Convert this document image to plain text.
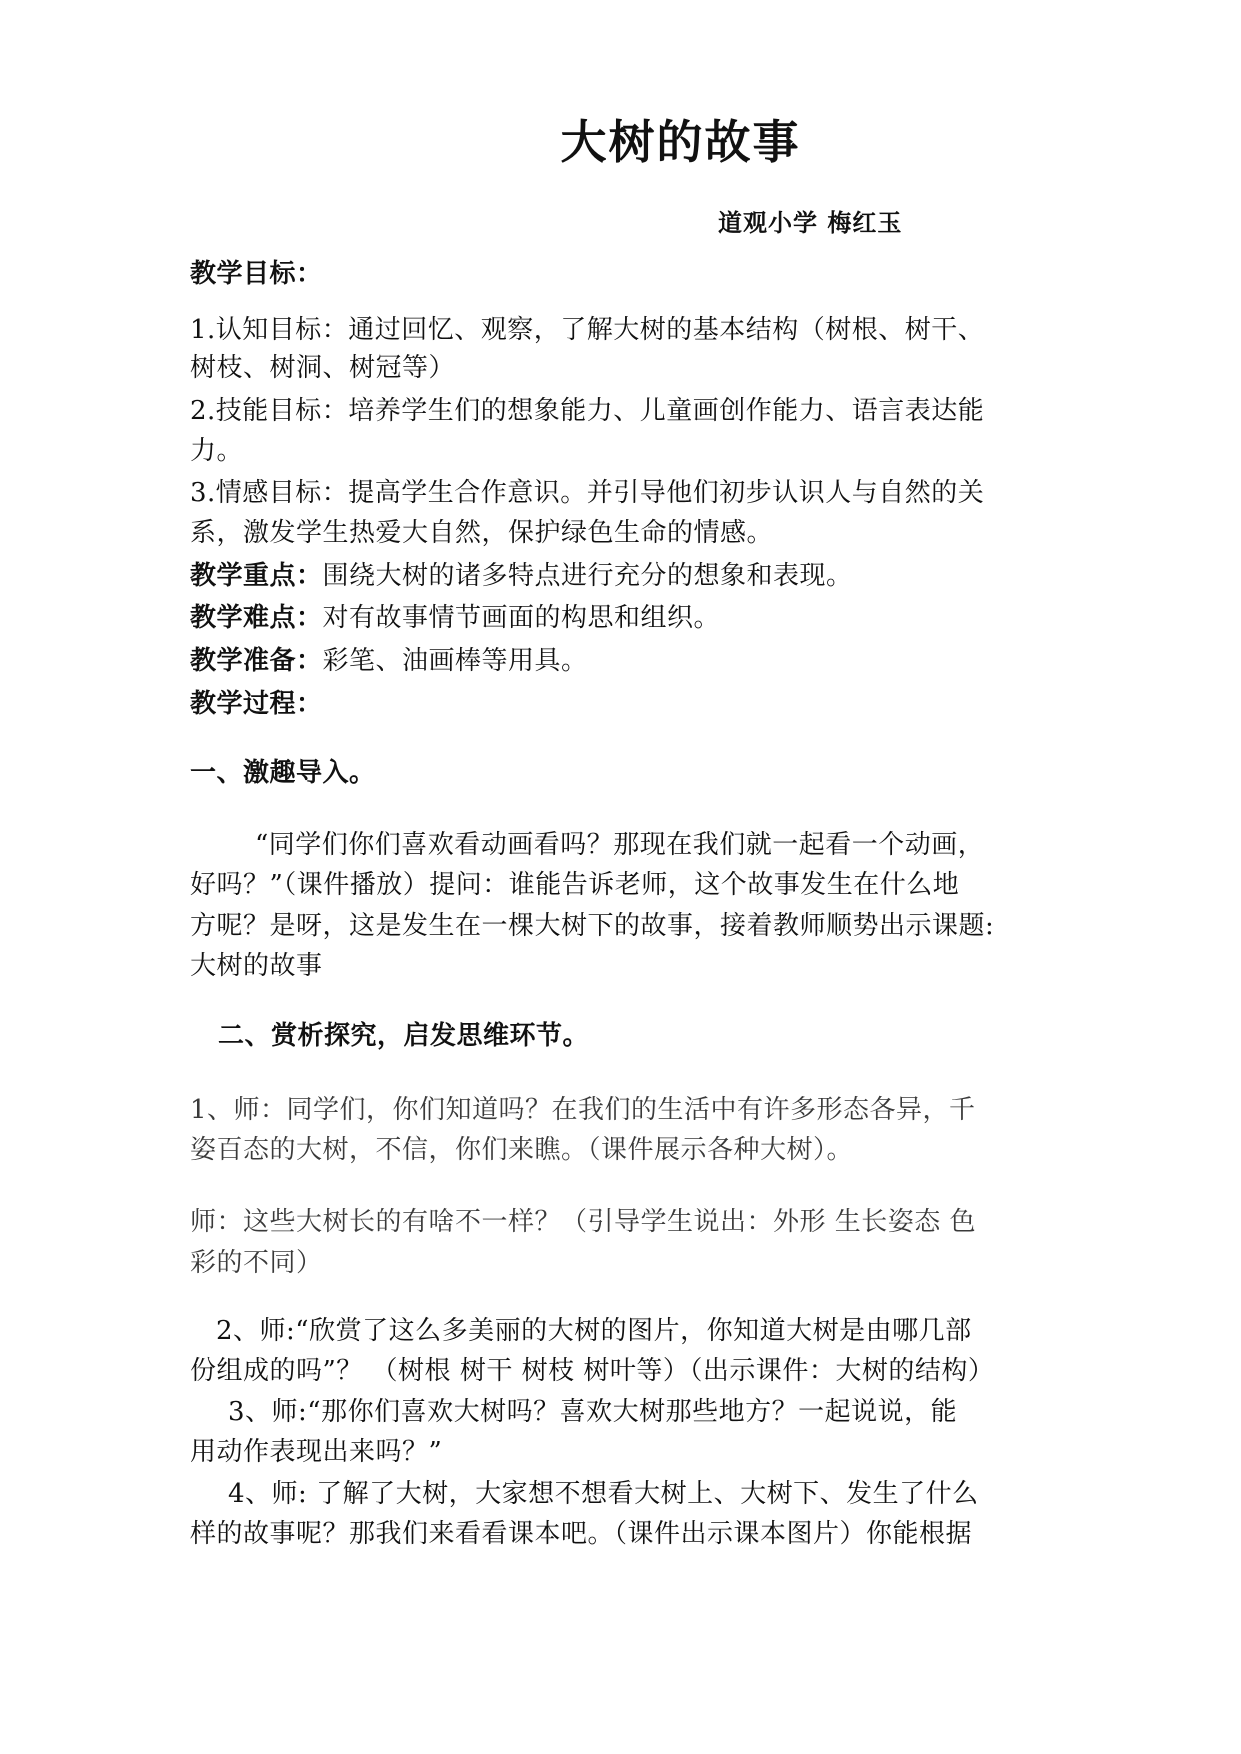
大树的故事
道观小学 梅红玉
教学目标：
1.认知目标：通过回忆、观察，了解大树的基本结构（树根、树干、
树枝、树洞、树冠等）
2.技能目标：培养学生们的想象能力、儿童画创作能力、语言表达能
力。
3.情感目标：提高学生合作意识。并引导他们初步认识人与自然的关
系，激发学生热爱大自然，保护绿色生命的情感。
教学重点：围绕大树的诸多特点进行充分的想象和表现。
教学难点：对有故事情节画面的构思和组织。
教学准备：彩笔、油画棒等用具。
教学过程：
一、激趣导入。
“同学们你们喜欢看动画看吗？那现在我们就一起看一个动画，
好吗？”（课件播放）提问：谁能告诉老师，这个故事发生在什么地
方呢？是呀，这是发生在一棵大树下的故事，接着教师顺势出示课题:
大树的故事
二、赏析探究，启发思维环节。
1、师：同学们，你们知道吗？在我们的生活中有许多形态各异，千
姿百态的大树，不信，你们来瞧。（课件展示各种大树）。
师：这些大树长的有啥不一样？（引导学生说出：外形 生长姿态 色
彩的不同）
2、师:“欣赏了这么多美丽的大树的图片，你知道大树是由哪几部
份组成的吗”？ （树根 树干 树枝 树叶等）（出示课件：大树的结构）
3、师:“那你们喜欢大树吗？喜欢大树那些地方？一起说说，能
用动作表现出来吗？”
4、师: 了解了大树，大家想不想看大树上、大树下、发生了什么
样的故事呢？那我们来看看课本吧。（课件出示课本图片）你能根据
